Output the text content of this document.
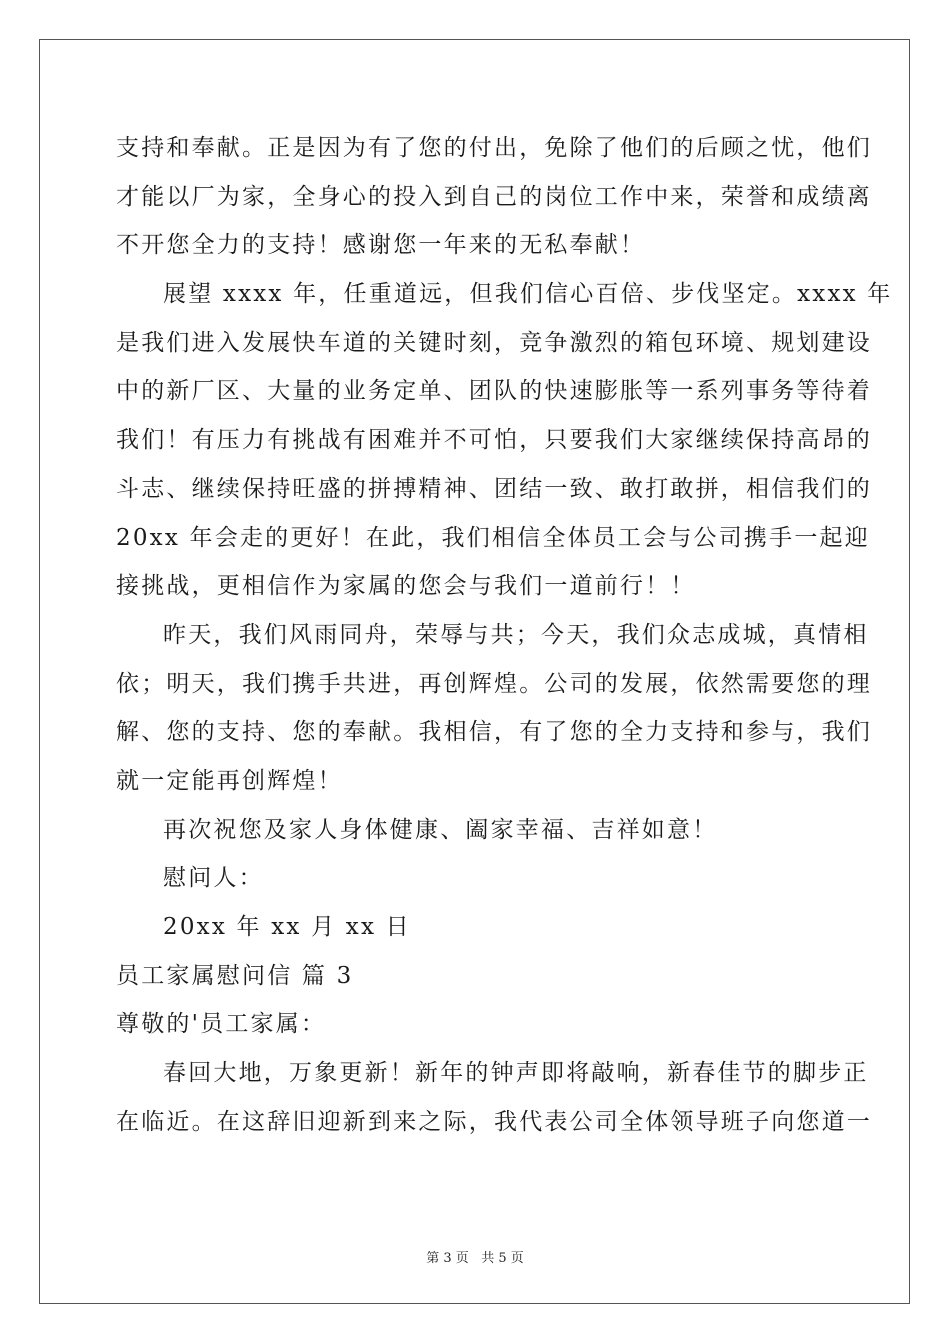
支持和奉献。正是因为有了您的付出，免除了他们的后顾之忧，他们
才能以厂为家，全身心的投入到自己的岗位工作中来，荣誉和成绩离
不开您全力的支持！感谢您一年来的无私奉献！
展望 xxxx 年，任重道远，但我们信心百倍、步伐坚定。xxxx 年
是我们进入发展快车道的关键时刻，竞争激烈的箱包环境、规划建设
中的新厂区、大量的业务定单、团队的快速膨胀等一系列事务等待着
我们！有压力有挑战有困难并不可怕，只要我们大家继续保持高昂的
斗志、继续保持旺盛的拼搏精神、团结一致、敢打敢拼，相信我们的
20xx 年会走的更好！在此，我们相信全体员工会与公司携手一起迎
接挑战，更相信作为家属的您会与我们一道前行！！
昨天，我们风雨同舟，荣辱与共；今天，我们众志成城，真情相
依；明天，我们携手共进，再创辉煌。公司的发展，依然需要您的理
解、您的支持、您的奉献。我相信，有了您的全力支持和参与，我们
就一定能再创辉煌！
再次祝您及家人身体健康、阖家幸福、吉祥如意！
慰问人：
20xx 年 xx 月 xx 日
员工家属慰问信 篇 3
尊敬的'员工家属：
春回大地，万象更新！新年的钟声即将敲响，新春佳节的脚步正
在临近。在这辞旧迎新到来之际，我代表公司全体领导班子向您道一
第 3 页   共 5 页
